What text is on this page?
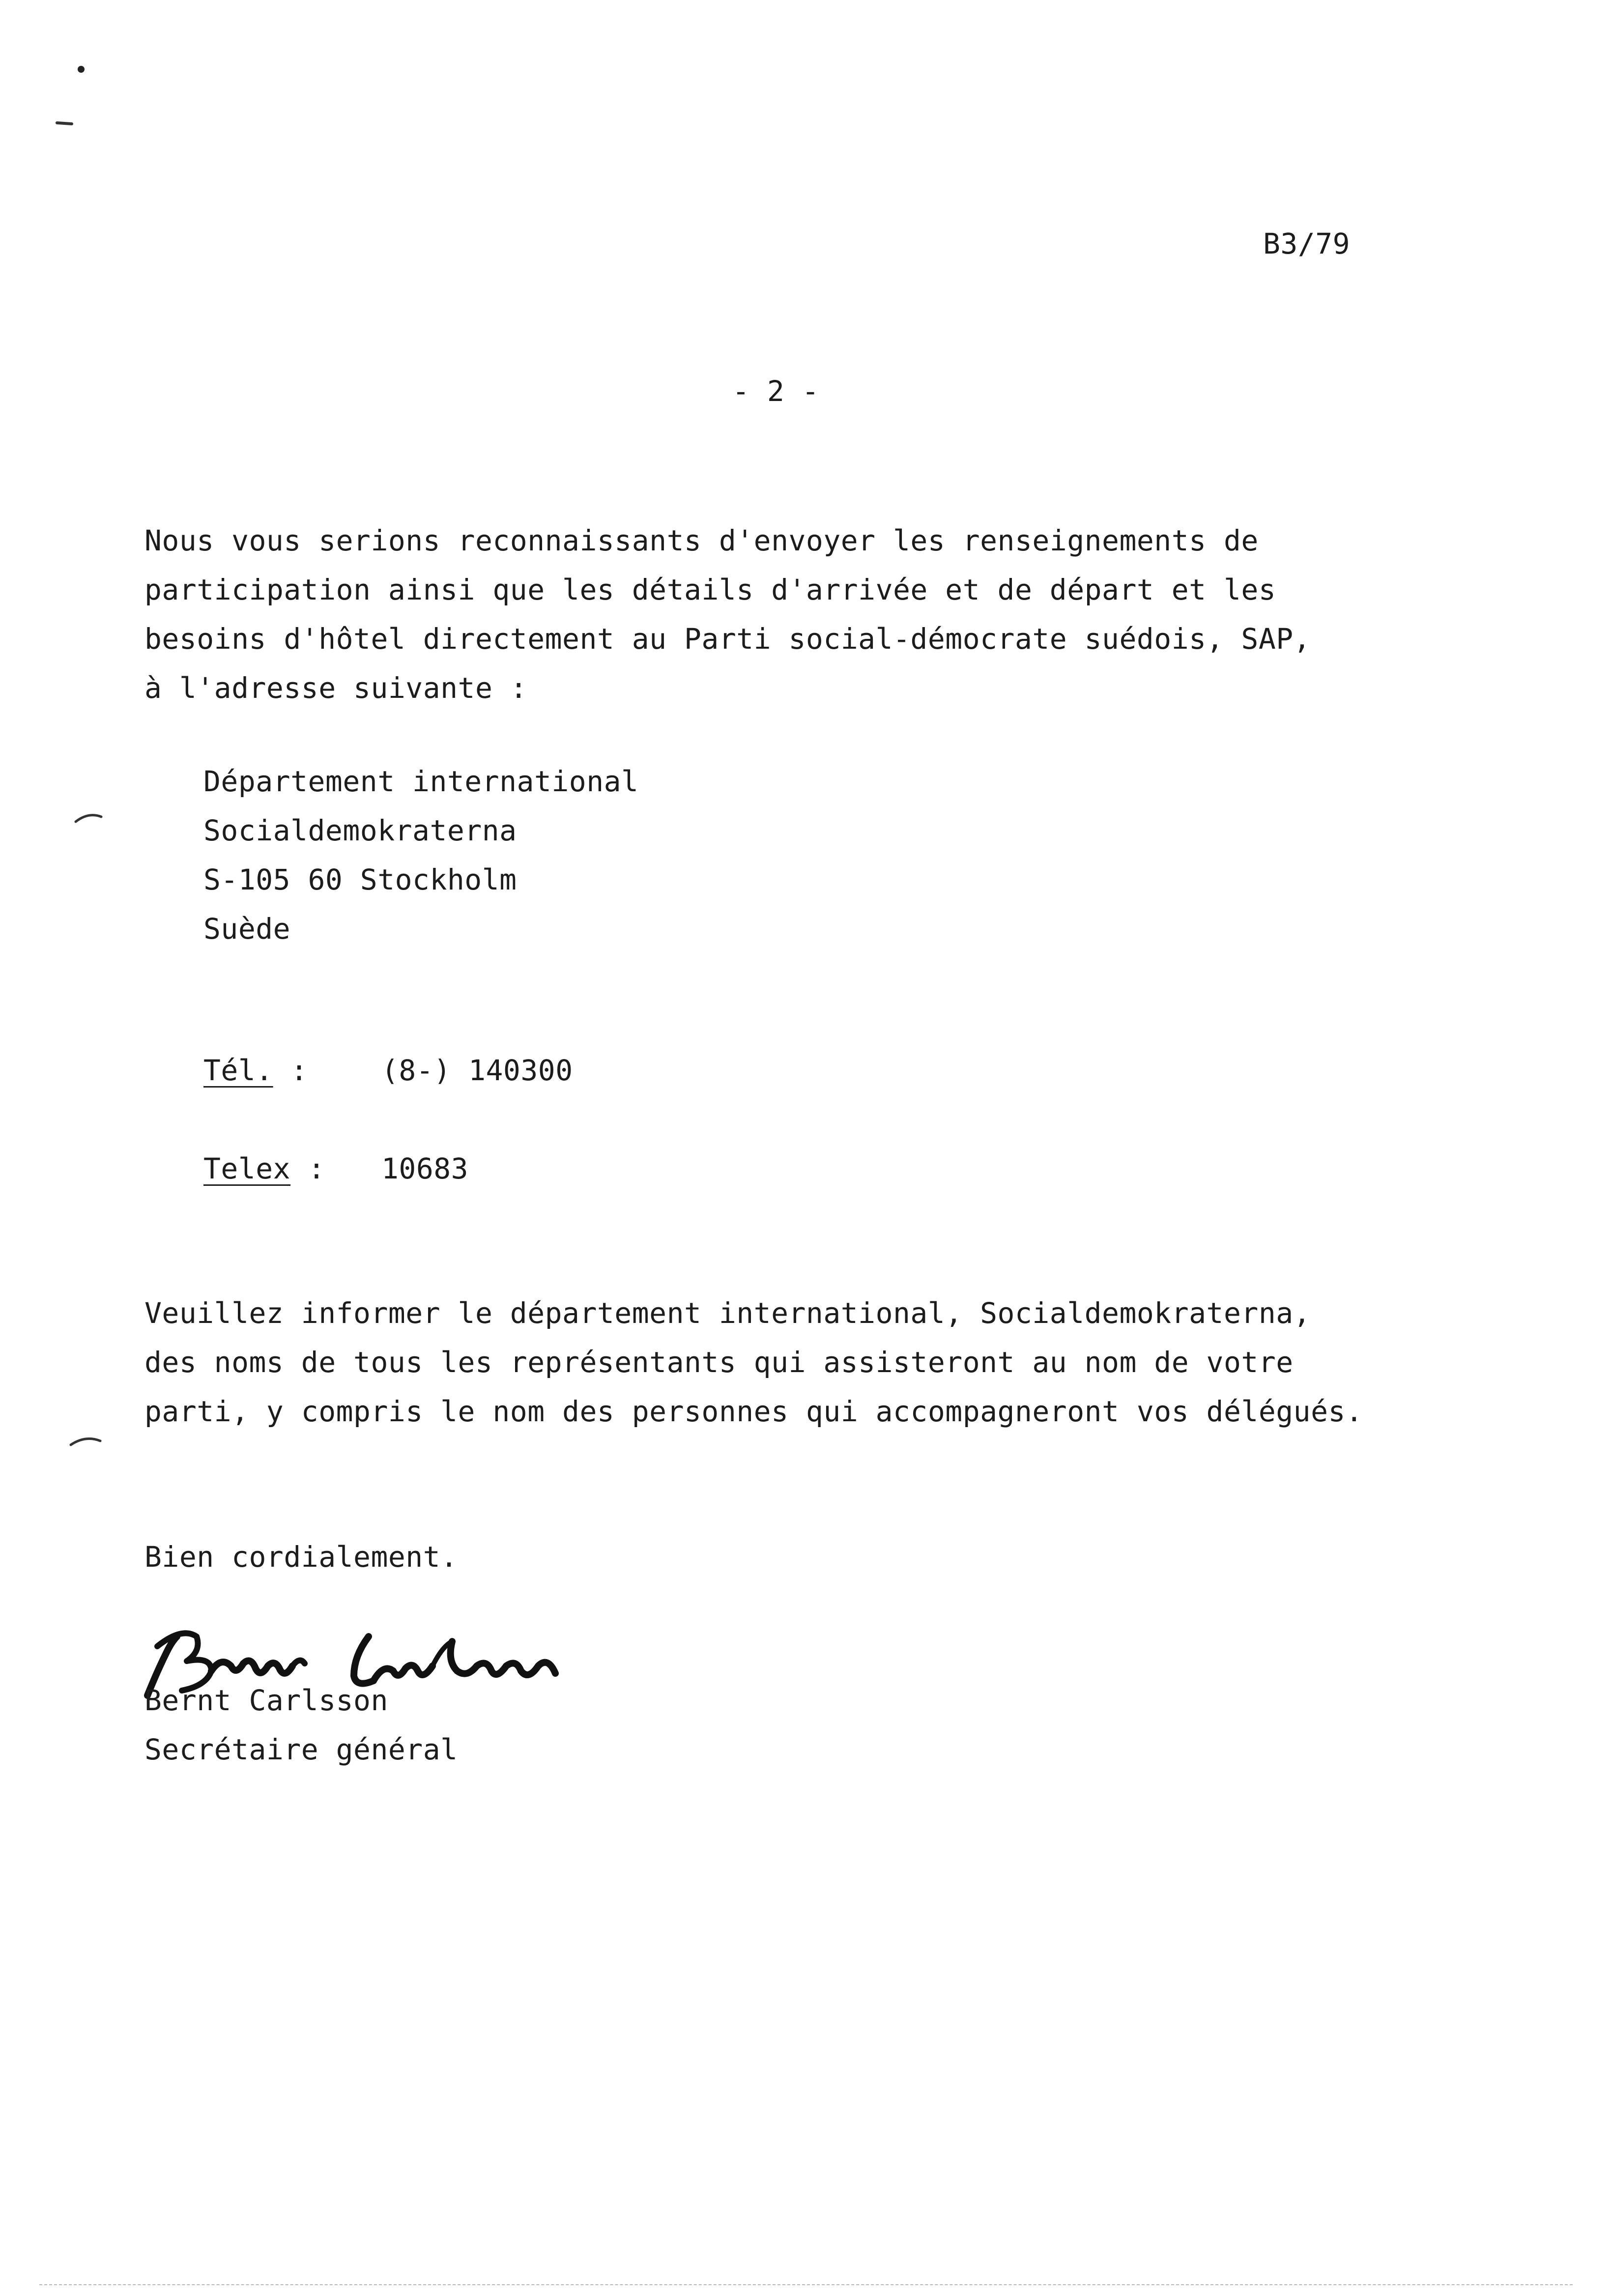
B3/79

- 2 -

Nous vous serions reconnaissants d'envoyer les renseignements de
participation ainsi que les détails d'arrivée et de départ et les
besoins d'hôtel directement au Parti social-démocrate suédois, SAP,
à l'adresse suivante :

Département international
Socialdemokraterna
S-105 60 Stockholm
Suède

Tél. :	(8-) 140300

Telex : 10683

Veuillez informer le département international, Socialdemokraterna,
des noms de tous les représentants qui assisteront au nom de votre
parti, y compris le nom des personnes qui accompagneront vos délégués.

Bien cordialement.

Bernt Carlsson

Secrétaire général
